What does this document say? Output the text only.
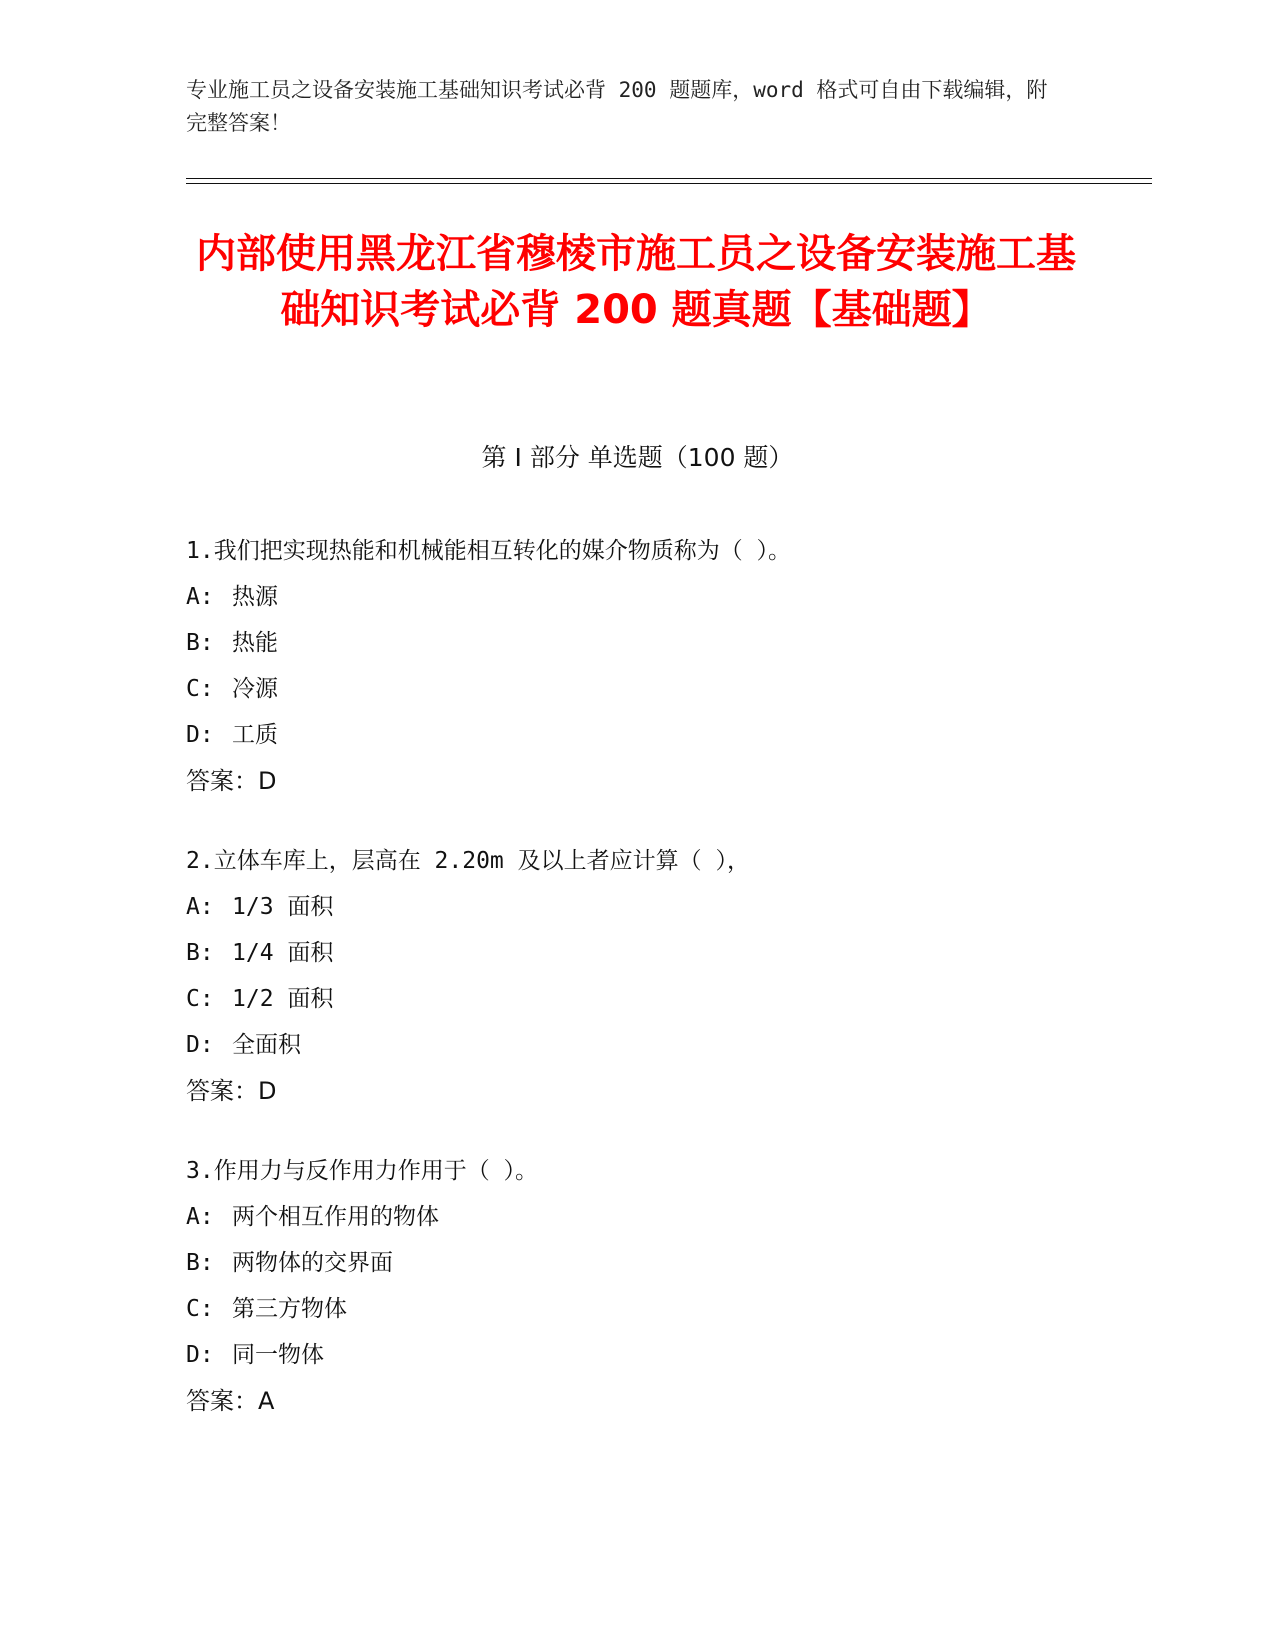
专业施工员之设备安装施工基础知识考试必背 200 题题库，word 格式可自由下载编辑，附完整答案！
内部使用黑龙江省穆棱市施工员之设备安装施工基础知识考试必背 200 题真题【基础题】
第 I 部分 单选题（100 题）
1.我们把实现热能和机械能相互转化的媒介物质称为（ ）。
A: 热源
B: 热能
C: 冷源
D: 工质
答案：D
2.立体车库上，层高在 2.20m 及以上者应计算（ ），
A: 1/3 面积
B: 1/4 面积
C: 1/2 面积
D: 全面积
答案：D
3.作用力与反作用力作用于（ ）。
A: 两个相互作用的物体
B: 两物体的交界面
C: 第三方物体
D: 同一物体
答案：A
